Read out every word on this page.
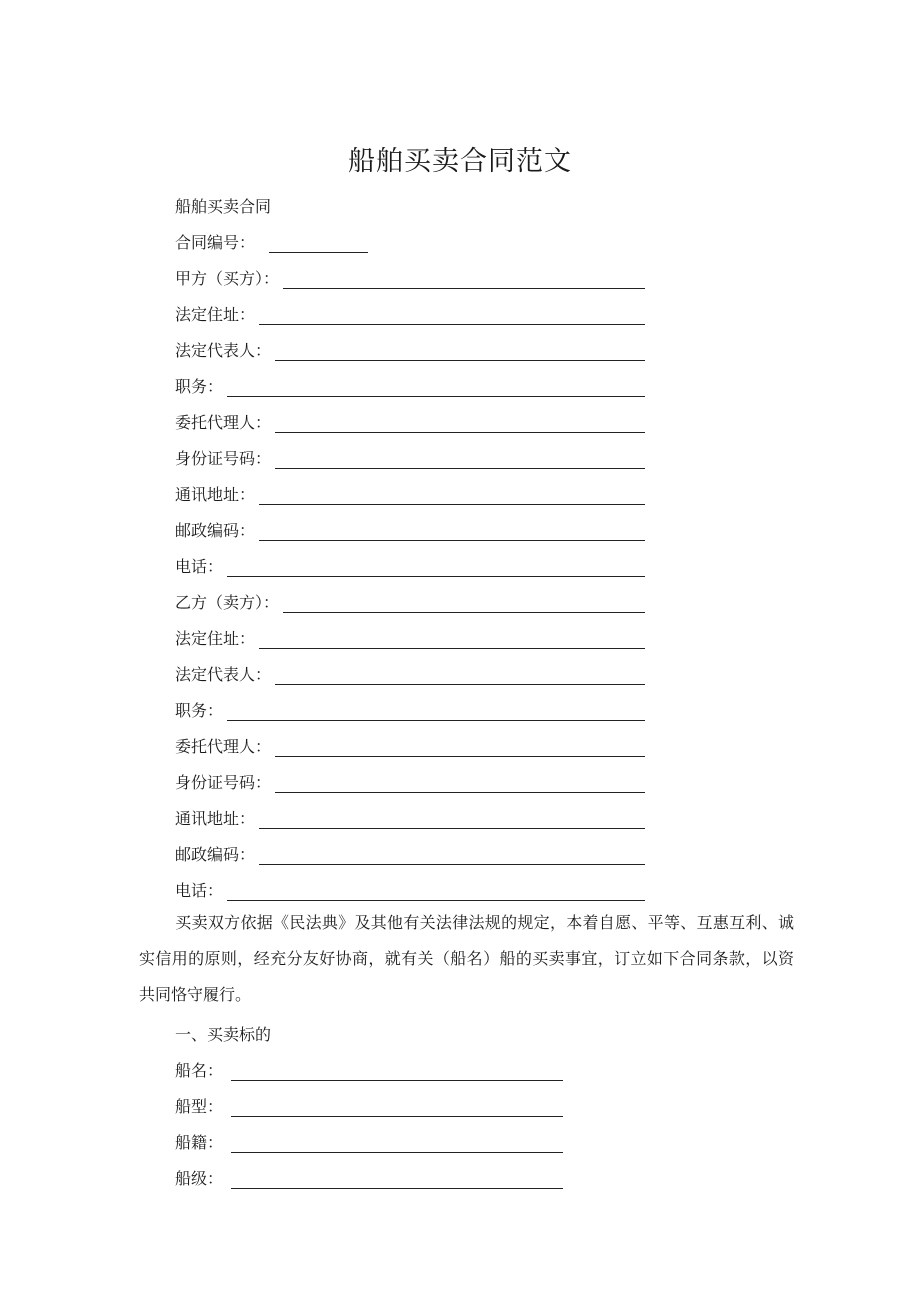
船舶买卖合同范文
船舶买卖合同
合同编号：
甲方（买方）：
法定住址：
法定代表人：
职务：
委托代理人：
身份证号码：
通讯地址：
邮政编码：
电话：
乙方（卖方）：
法定住址：
法定代表人：
职务：
委托代理人：
身份证号码：
通讯地址：
邮政编码：
电话：
买卖双方依据《民法典》及其他有关法律法规的规定，本着自愿、平等、互惠互利、诚实信用的原则，经充分友好协商，就有关（船名）船的买卖事宜，订立如下合同条款，以资共同恪守履行。
一、买卖标的
船名：
船型：
船籍：
船级：
